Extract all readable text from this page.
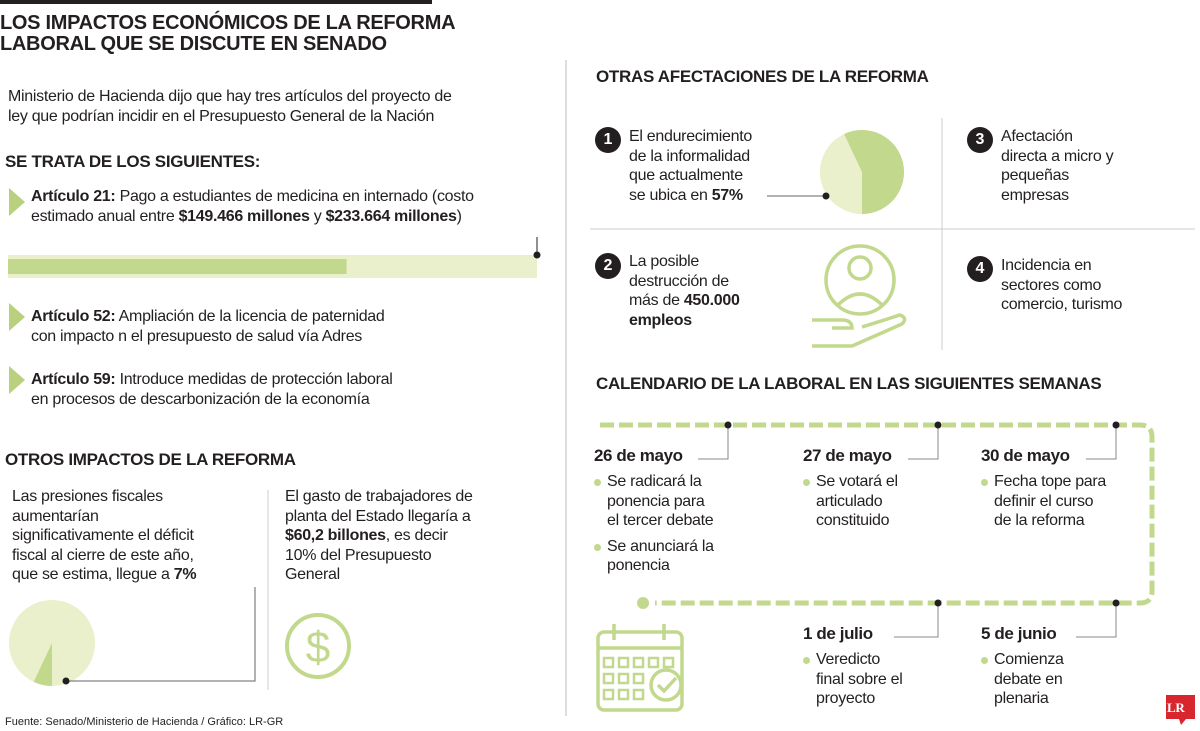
$
LR
LOS IMPACTOS ECONÓMICOS DE LA REFORMA
LABORAL QUE SE DISCUTE EN SENADO
Ministerio de Hacienda dijo que hay tres artículos del proyecto de
ley que podrían incidir en el Presupuesto General de la Nación
SE TRATA DE LOS SIGUIENTES:
Artículo 21: Pago a estudiantes de medicina en internado (costo
estimado anual entre $149.466 millones y $233.664 millones)
Artículo 52: Ampliación de la licencia de paternidad
con impacto n el presupuesto de salud vía Adres
Artículo 59: Introduce medidas de protección laboral
en procesos de descarbonización de la economía
OTROS IMPACTOS DE LA REFORMA
Las presiones fiscales
aumentarían
significativamente el déficit
fiscal al cierre de este año,
que se estima, llegue a 7%
El gasto de trabajadores de
planta del Estado llegaría a
$60,2 billones, es decir
10% del Presupuesto
General
Fuente: Senado/Ministerio de Hacienda / Gráfico: LR-GR
OTRAS AFECTACIONES DE LA REFORMA
1	El endurecimiento
de la informalidad
que actualmente
se ubica en 57%
2	La posible
destrucción de
más de 450.000
empleos
3	Afectación
directa a micro y
pequeñas
empresas
4	Incidencia en
sectores como
comercio, turismo
CALENDARIO DE LA LABORAL EN LAS SIGUIENTES SEMANAS
26 de mayo
Se radicará la ponencia para el tercer debate
Se anunciará la ponencia
27 de mayo
Se votará el articulado constituido
30 de mayo
Fecha tope para definir el curso de la reforma
1 de julio
Veredicto final sobre el proyecto
5 de junio
Comienza debate en plenaria
